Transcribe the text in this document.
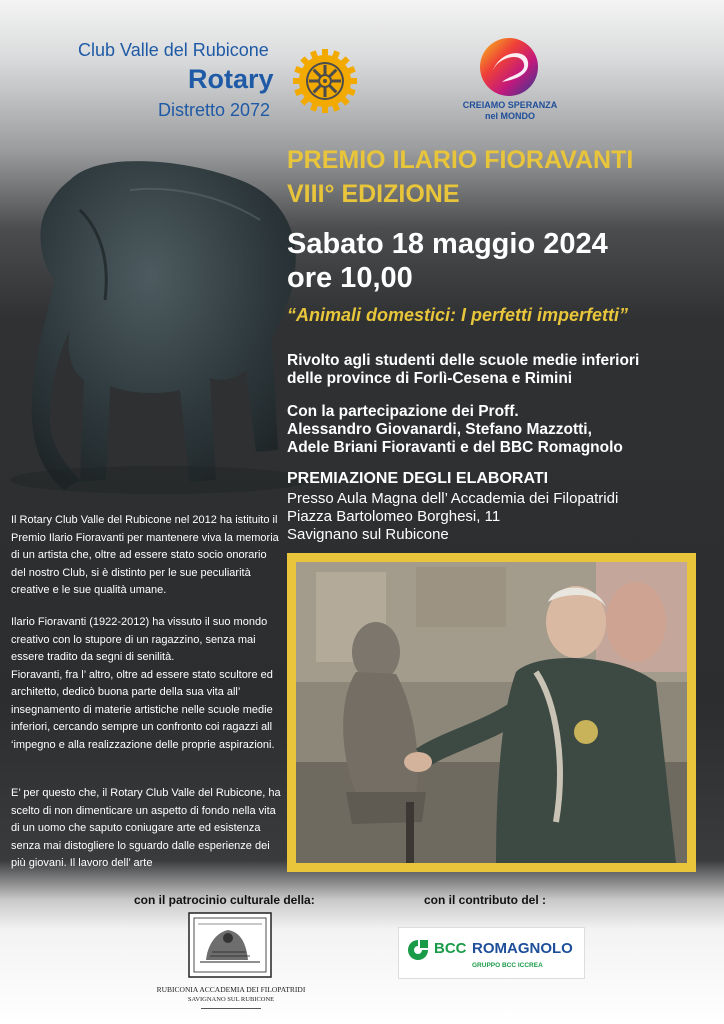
Club Valle del Rubicone
Rotary
Distretto 2072	CREIAMO SPERANZA
nel MONDO
PREMIO ILARIO FIORAVANTI
VIII° EDIZIONE
Sabato 18 maggio 2024
ore 10,00
“Animali domestici: I perfetti imperfetti”
Rivolto agli studenti delle scuole medie inferiori
delle province di Forlì-Cesena e Rimini
Con la partecipazione dei Proff.
Alessandro Giovanardi, Stefano Mazzotti,
Adele Briani Fioravanti e del BBC Romagnolo
PREMIAZIONE DEGLI ELABORATI
Presso Aula Magna dell’ Accademia dei Filopatridi
Piazza Bartolomeo Borghesi, 11
Savignano sul Rubicone

Il Rotary Club Valle del Rubicone nel 2012 ha istituito il Premio Ilario Fioravanti per mantenere viva la memoria di un artista che, oltre ad essere stato socio onorario del nostro Club, si è distinto per le sue peculiarità creative e le sue qualità umane.

Ilario Fioravanti (1922-2012) ha vissuto il suo mondo creativo con lo stupore di un ragazzino, senza mai essere tradito da segni di senilità.

Fioravanti, fra l’ altro, oltre ad essere stato scultore ed architetto, dedicò buona parte della sua vita all’ insegnamento di materie artistiche nelle scuole medie inferiori, cercando sempre un confronto coi ragazzi all ‘impegno e alla realizzazione delle proprie aspirazioni.

E’ per questo che, il Rotary Club Valle del Rubicone, ha scelto di non dimenticare un aspetto di fondo nella vita di un uomo che saputo coniugare arte ed esistenza senza mai distogliere lo sguardo dalle esperienze dei più giovani. Il lavoro dell’ arte

con il patrocinio culturale della:	con il contributo del :
RUBICONIA ACCADEMIA DEI FILOPATRIDI
SAVIGNANO SUL RUBICONE
BCC ROMAGNOLO
GRUPPO BCC ICCREA
